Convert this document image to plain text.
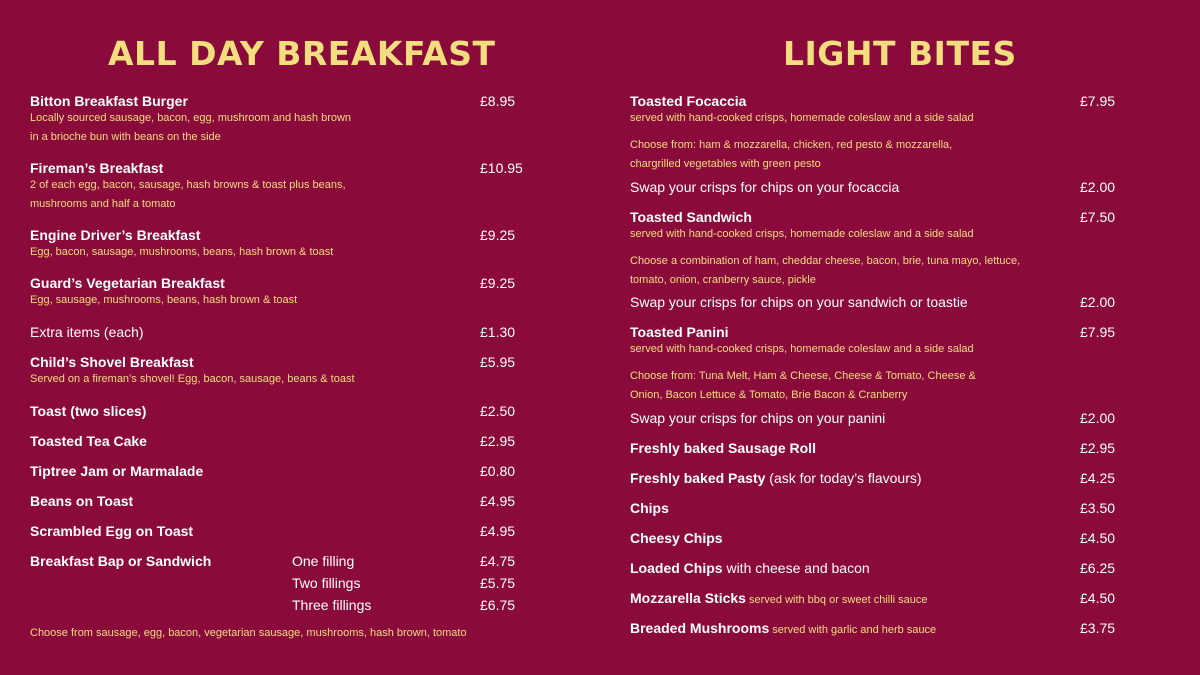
ALL DAY BREAKFAST	LIGHT BITES
Bitton Breakfast Burger	£8.95
Locally sourced sausage, bacon, egg, mushroom and hash brown
in a brioche bun with beans on the side
Fireman’s Breakfast	£10.95
2 of each egg, bacon, sausage, hash browns & toast plus beans,
mushrooms and half a tomato
Engine Driver’s Breakfast	£9.25
Egg, bacon, sausage, mushrooms, beans, hash brown & toast
Guard’s Vegetarian Breakfast	£9.25
Egg, sausage, mushrooms, beans, hash brown & toast
Extra items (each)	£1.30
Child’s Shovel Breakfast	£5.95
Served on a fireman’s shovel! Egg, bacon, sausage, beans & toast
Toast (two slices)	£2.50
Toasted Tea Cake	£2.95
Tiptree Jam or Marmalade	£0.80
Beans on Toast	£4.95
Scrambled Egg on Toast	£4.95
Breakfast Bap or Sandwich	One filling	£4.75
Two fillings	£5.75
Three fillings	£6.75
Choose from sausage, egg, bacon, vegetarian sausage, mushrooms, hash brown, tomato
Toasted Focaccia	£7.95
served with hand-cooked crisps, homemade coleslaw and a side salad
Choose from: ham & mozzarella, chicken, red pesto & mozzarella,
chargrilled vegetables with green pesto
Swap your crisps for chips on your focaccia	£2.00
Toasted Sandwich	£7.50
served with hand-cooked crisps, homemade coleslaw and a side salad
Choose a combination of ham, cheddar cheese, bacon, brie, tuna mayo, lettuce,
tomato, onion, cranberry sauce, pickle
Swap your crisps for chips on your sandwich or toastie	£2.00
Toasted Panini	£7.95
served with hand-cooked crisps, homemade coleslaw and a side salad
Choose from: Tuna Melt, Ham & Cheese, Cheese & Tomato, Cheese &
Onion, Bacon Lettuce & Tomato, Brie Bacon & Cranberry
Swap your crisps for chips on your panini	£2.00
Freshly baked Sausage Roll	£2.95
Freshly baked Pasty (ask for today’s flavours)	£4.25
Chips	£3.50
Cheesy Chips	£4.50
Loaded Chips with cheese and bacon	£6.25
Mozzarella Sticks served with bbq or sweet chilli sauce	£4.50
Breaded Mushrooms served with garlic and herb sauce	£3.75
